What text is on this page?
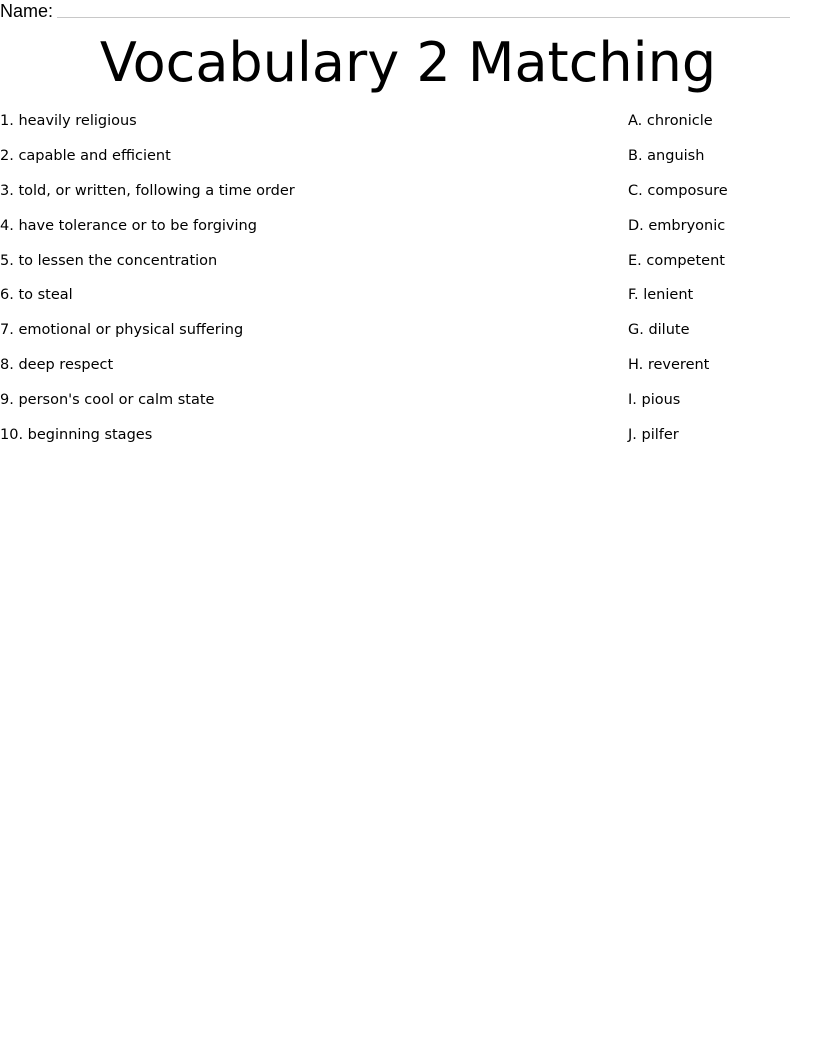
Name:
Vocabulary 2 Matching
1. heavily religious
2. capable and efficient
3. told, or written, following a time order
4. have tolerance or to be forgiving
5. to lessen the concentration
6. to steal
7. emotional or physical suffering
8. deep respect
9. person's cool or calm state
10. beginning stages
A. chronicle
B. anguish
C. composure
D. embryonic
E. competent
F. lenient
G. dilute
H. reverent
I. pious
J. pilfer
